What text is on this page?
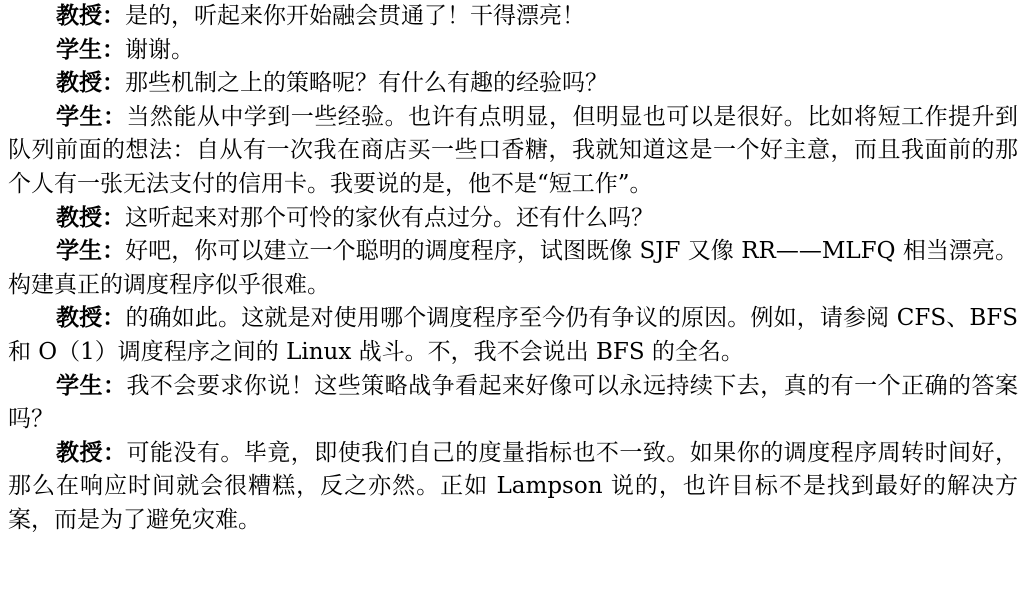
教授：是的，听起来你开始融会贯通了！干得漂亮！

学生：谢谢。

教授：那些机制之上的策略呢？有什么有趣的经验吗？

学生：当然能从中学到一些经验。也许有点明显，但明显也可以是很好。比如将短工作提升到队列前面的想法：自从有一次我在商店买一些口香糖，我就知道这是一个好主意，而且我面前的那个人有一张无法支付的信用卡。我要说的是，他不是“短工作”。

教授：这听起来对那个可怜的家伙有点过分。还有什么吗？

学生：好吧，你可以建立一个聪明的调度程序，试图既像 SJF 又像 RR——MLFQ 相当漂亮。构建真正的调度程序似乎很难。

教授：的确如此。这就是对使用哪个调度程序至今仍有争议的原因。例如，请参阅 CFS、BFS 和 O（1）调度程序之间的 Linux 战斗。不，我不会说出 BFS 的全名。

学生：我不会要求你说！这些策略战争看起来好像可以永远持续下去，真的有一个正确的答案吗？

教授：可能没有。毕竟，即使我们自己的度量指标也不一致。如果你的调度程序周转时间好，那么在响应时间就会很糟糕，反之亦然。正如 Lampson 说的，也许目标不是找到最好的解决方案，而是为了避免灾难。
